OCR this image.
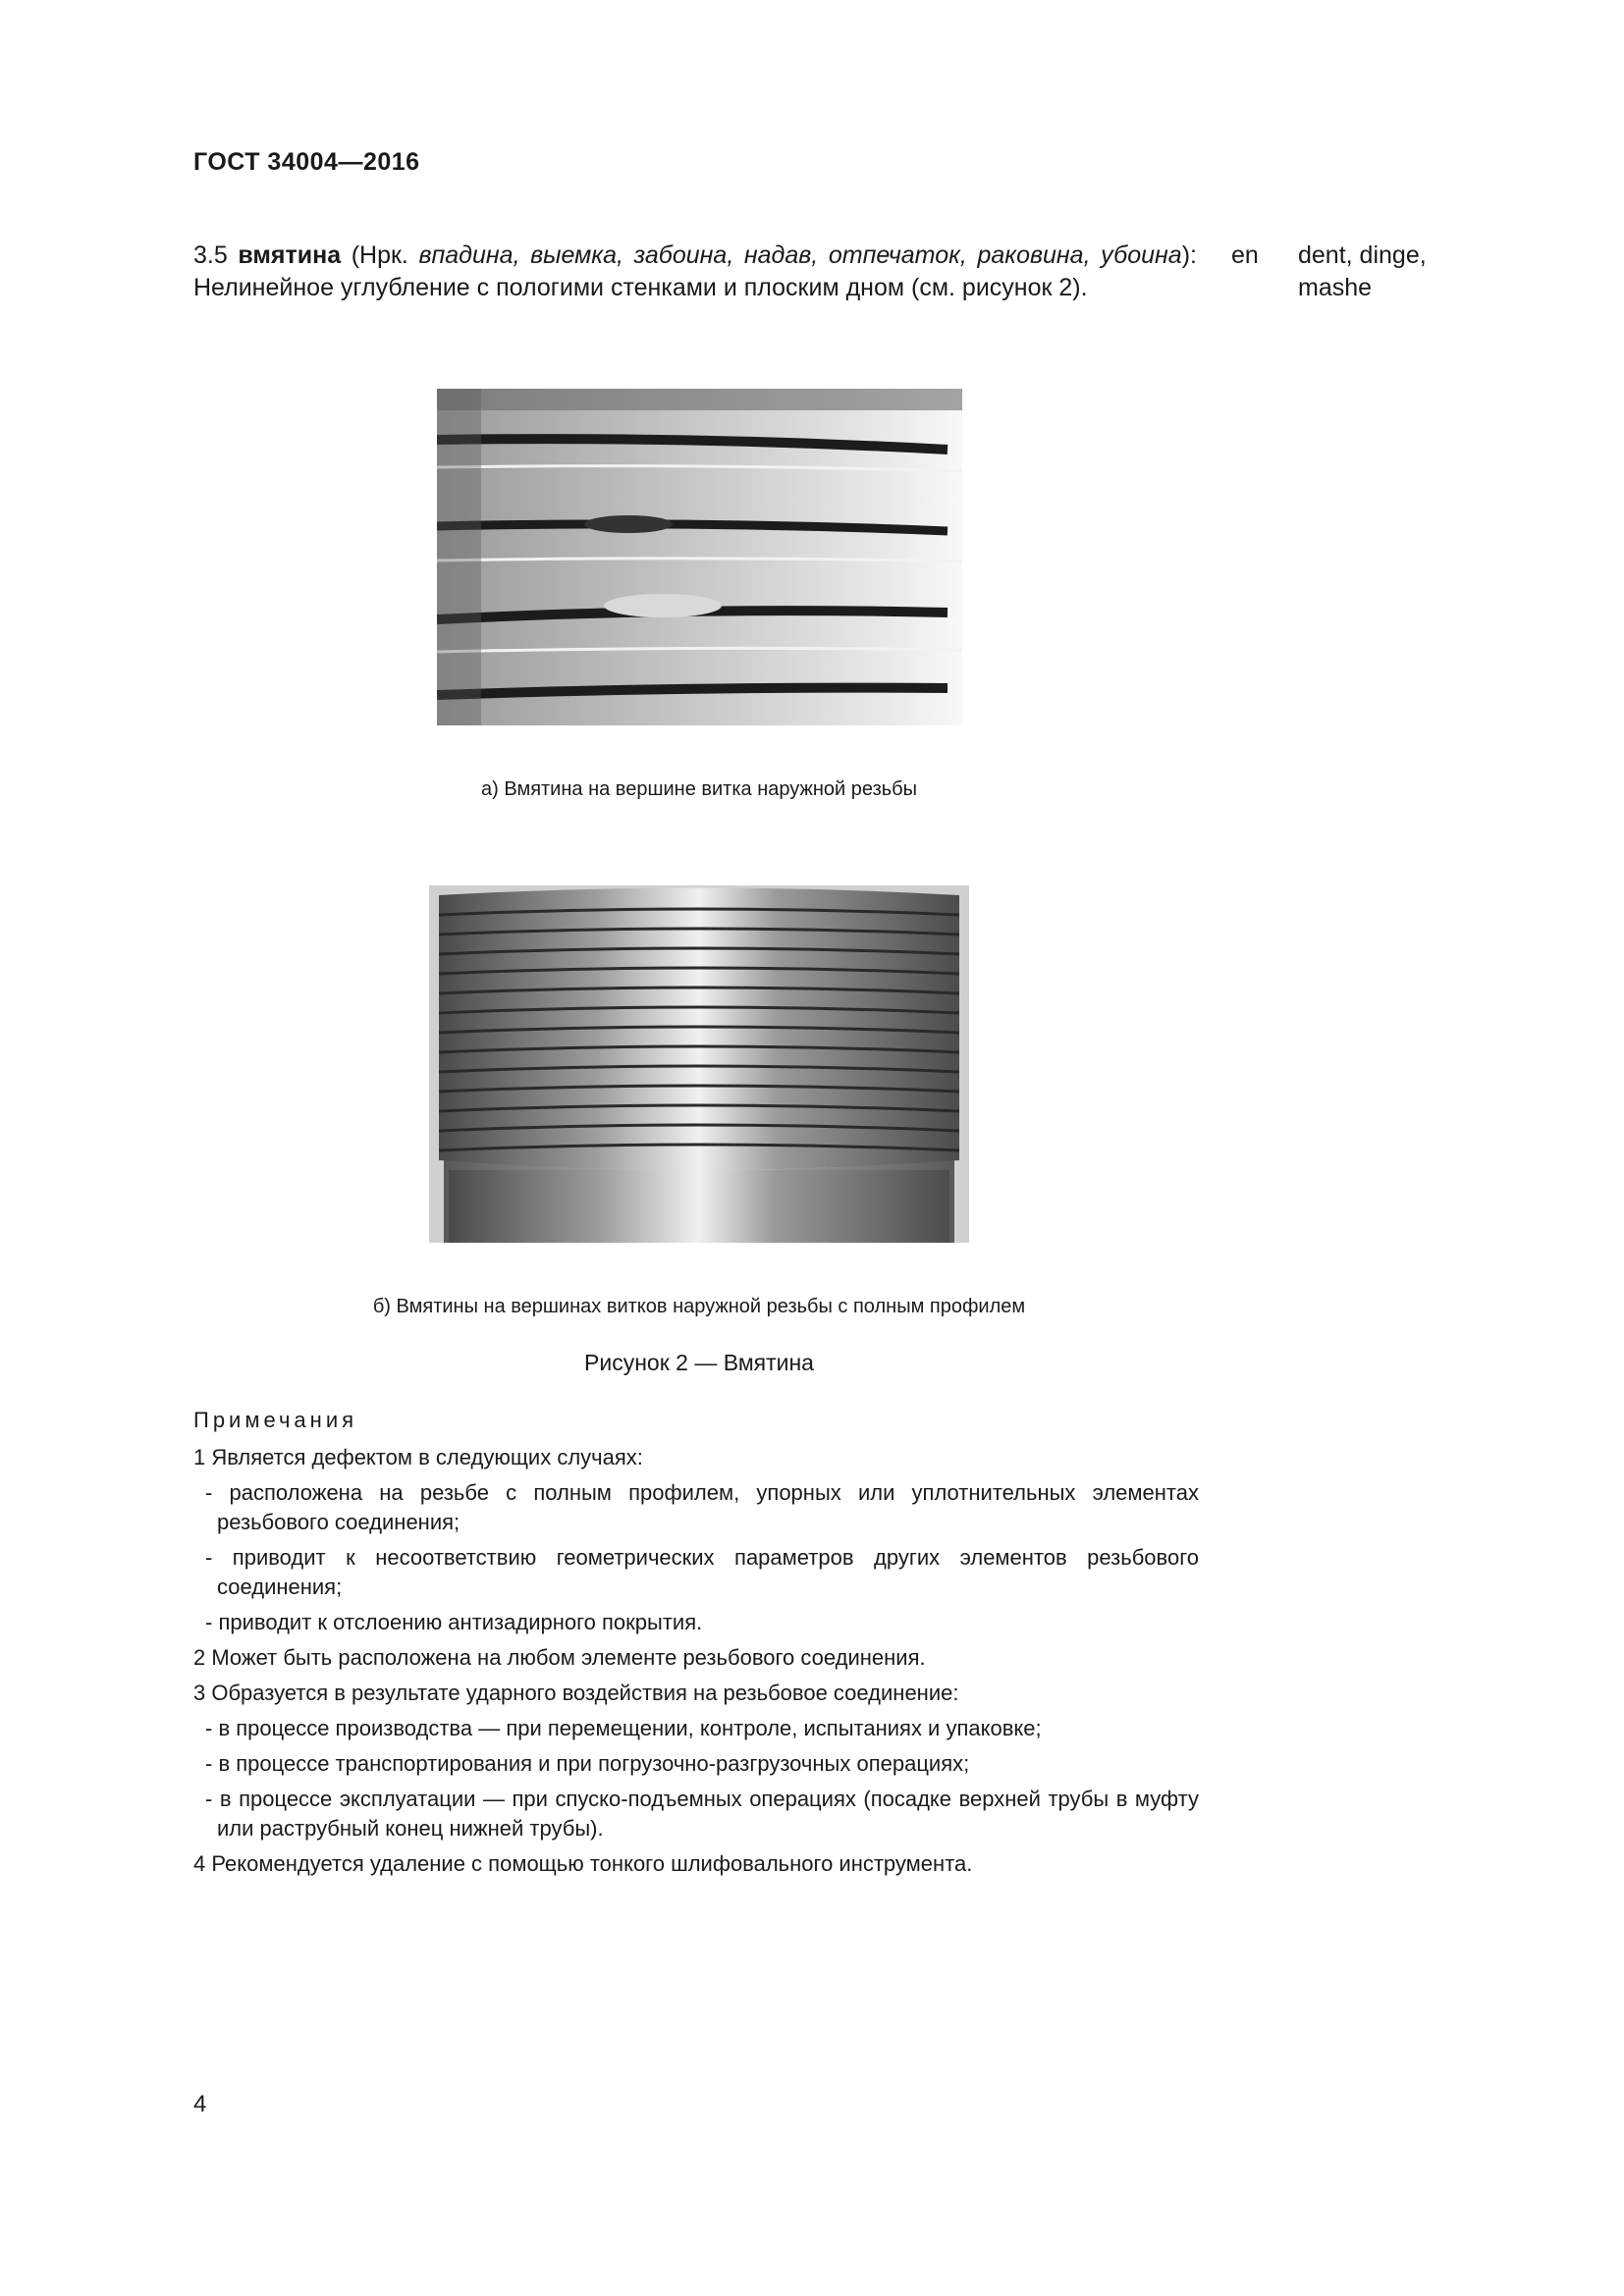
ГОСТ 34004—2016
3.5 вмятина (Нрк. впадина, выемка, забоина, надав, отпечаток, раковина, убоина): Нелинейное углубление с пологими стенками и плоским дном (см. рисунок 2).
en dent, dinge, mashe
а) Вмятина на вершине витка наружной резьбы
б) Вмятины на вершинах витков наружной резьбы с полным профилем
Рисунок 2 — Вмятина
Примечания
1 Является дефектом в следующих случаях:
- расположена на резьбе с полным профилем, упорных или уплотнительных элементах резьбового соединения;
- приводит к несоответствию геометрических параметров других элементов резьбового соединения;
- приводит к отслоению антизадирного покрытия.
2 Может быть расположена на любом элементе резьбового соединения.
3 Образуется в результате ударного воздействия на резьбовое соединение:
- в процессе производства — при перемещении, контроле, испытаниях и упаковке;
- в процессе транспортирования и при погрузочно-разгрузочных операциях;
- в процессе эксплуатации — при спуско-подъемных операциях (посадке верхней трубы в муфту или раструбный конец нижней трубы).
4 Рекомендуется удаление с помощью тонкого шлифовального инструмента.
4
